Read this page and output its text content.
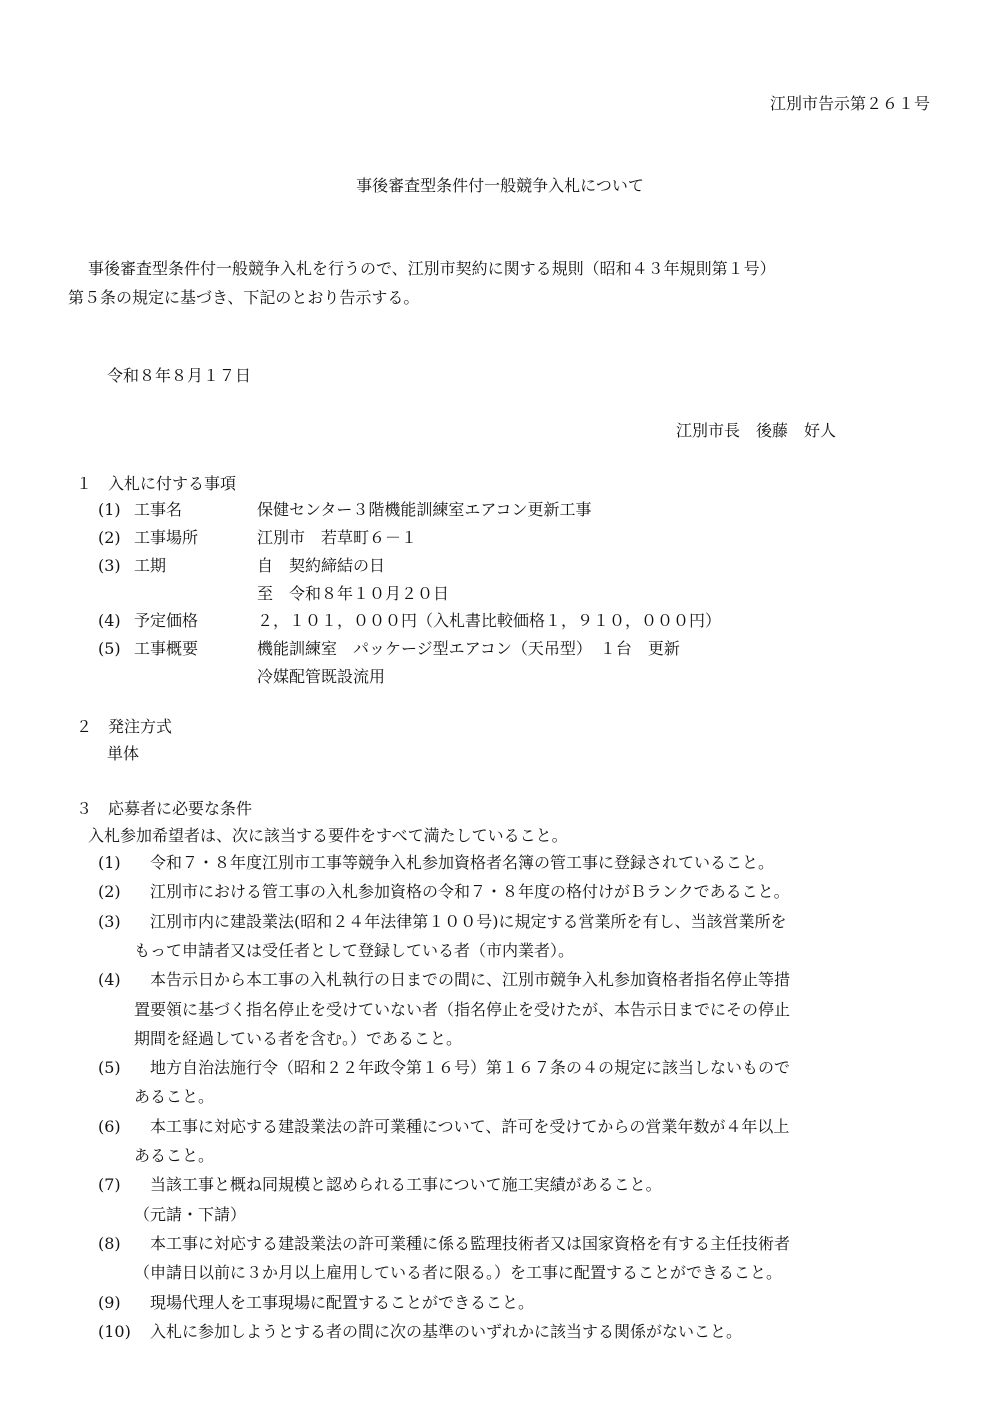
江別市告示第２６１号
事後審査型条件付一般競争入札について
事後審査型条件付一般競争入札を行うので、江別市契約に関する規則（昭和４３年規則第１号）
第５条の規定に基づき、下記のとおり告示する。
令和８年８月１７日
江別市長　後藤　好人
１　入札に付する事項
(1) 工事名	保健センター３階機能訓練室エアコン更新工事
(2) 工事場所	江別市　若草町６－１
(3) 工期	自　契約締結の日
至　令和８年１０月２０日
(4) 予定価格	２，１０１，０００円（入札書比較価格１，９１０，０００円）
(5) 工事概要	機能訓練室　パッケージ型エアコン（天吊型）　１台　更新
冷媒配管既設流用
２　発注方式
単体
３　応募者に必要な条件
入札参加希望者は、次に該当する要件をすべて満たしていること。
(1) 令和７・８年度江別市工事等競争入札参加資格者名簿の管工事に登録されていること。
(2) 江別市における管工事の入札参加資格の令和７・８年度の格付けがＢランクであること。
(3) 江別市内に建設業法(昭和２４年法律第１００号)に規定する営業所を有し、当該営業所を
もって申請者又は受任者として登録している者（市内業者）。
(4) 本告示日から本工事の入札執行の日までの間に、江別市競争入札参加資格者指名停止等措
置要領に基づく指名停止を受けていない者（指名停止を受けたが、本告示日までにその停止
期間を経過している者を含む。）であること。
(5) 地方自治法施行令（昭和２２年政令第１６号）第１６７条の４の規定に該当しないもので
あること。
(6) 本工事に対応する建設業法の許可業種について、許可を受けてからの営業年数が４年以上
あること。
(7) 当該工事と概ね同規模と認められる工事について施工実績があること。
（元請・下請）
(8) 本工事に対応する建設業法の許可業種に係る監理技術者又は国家資格を有する主任技術者
（申請日以前に３か月以上雇用している者に限る。）を工事に配置することができること。
(9) 現場代理人を工事現場に配置することができること。
(10) 入札に参加しようとする者の間に次の基準のいずれかに該当する関係がないこと。
